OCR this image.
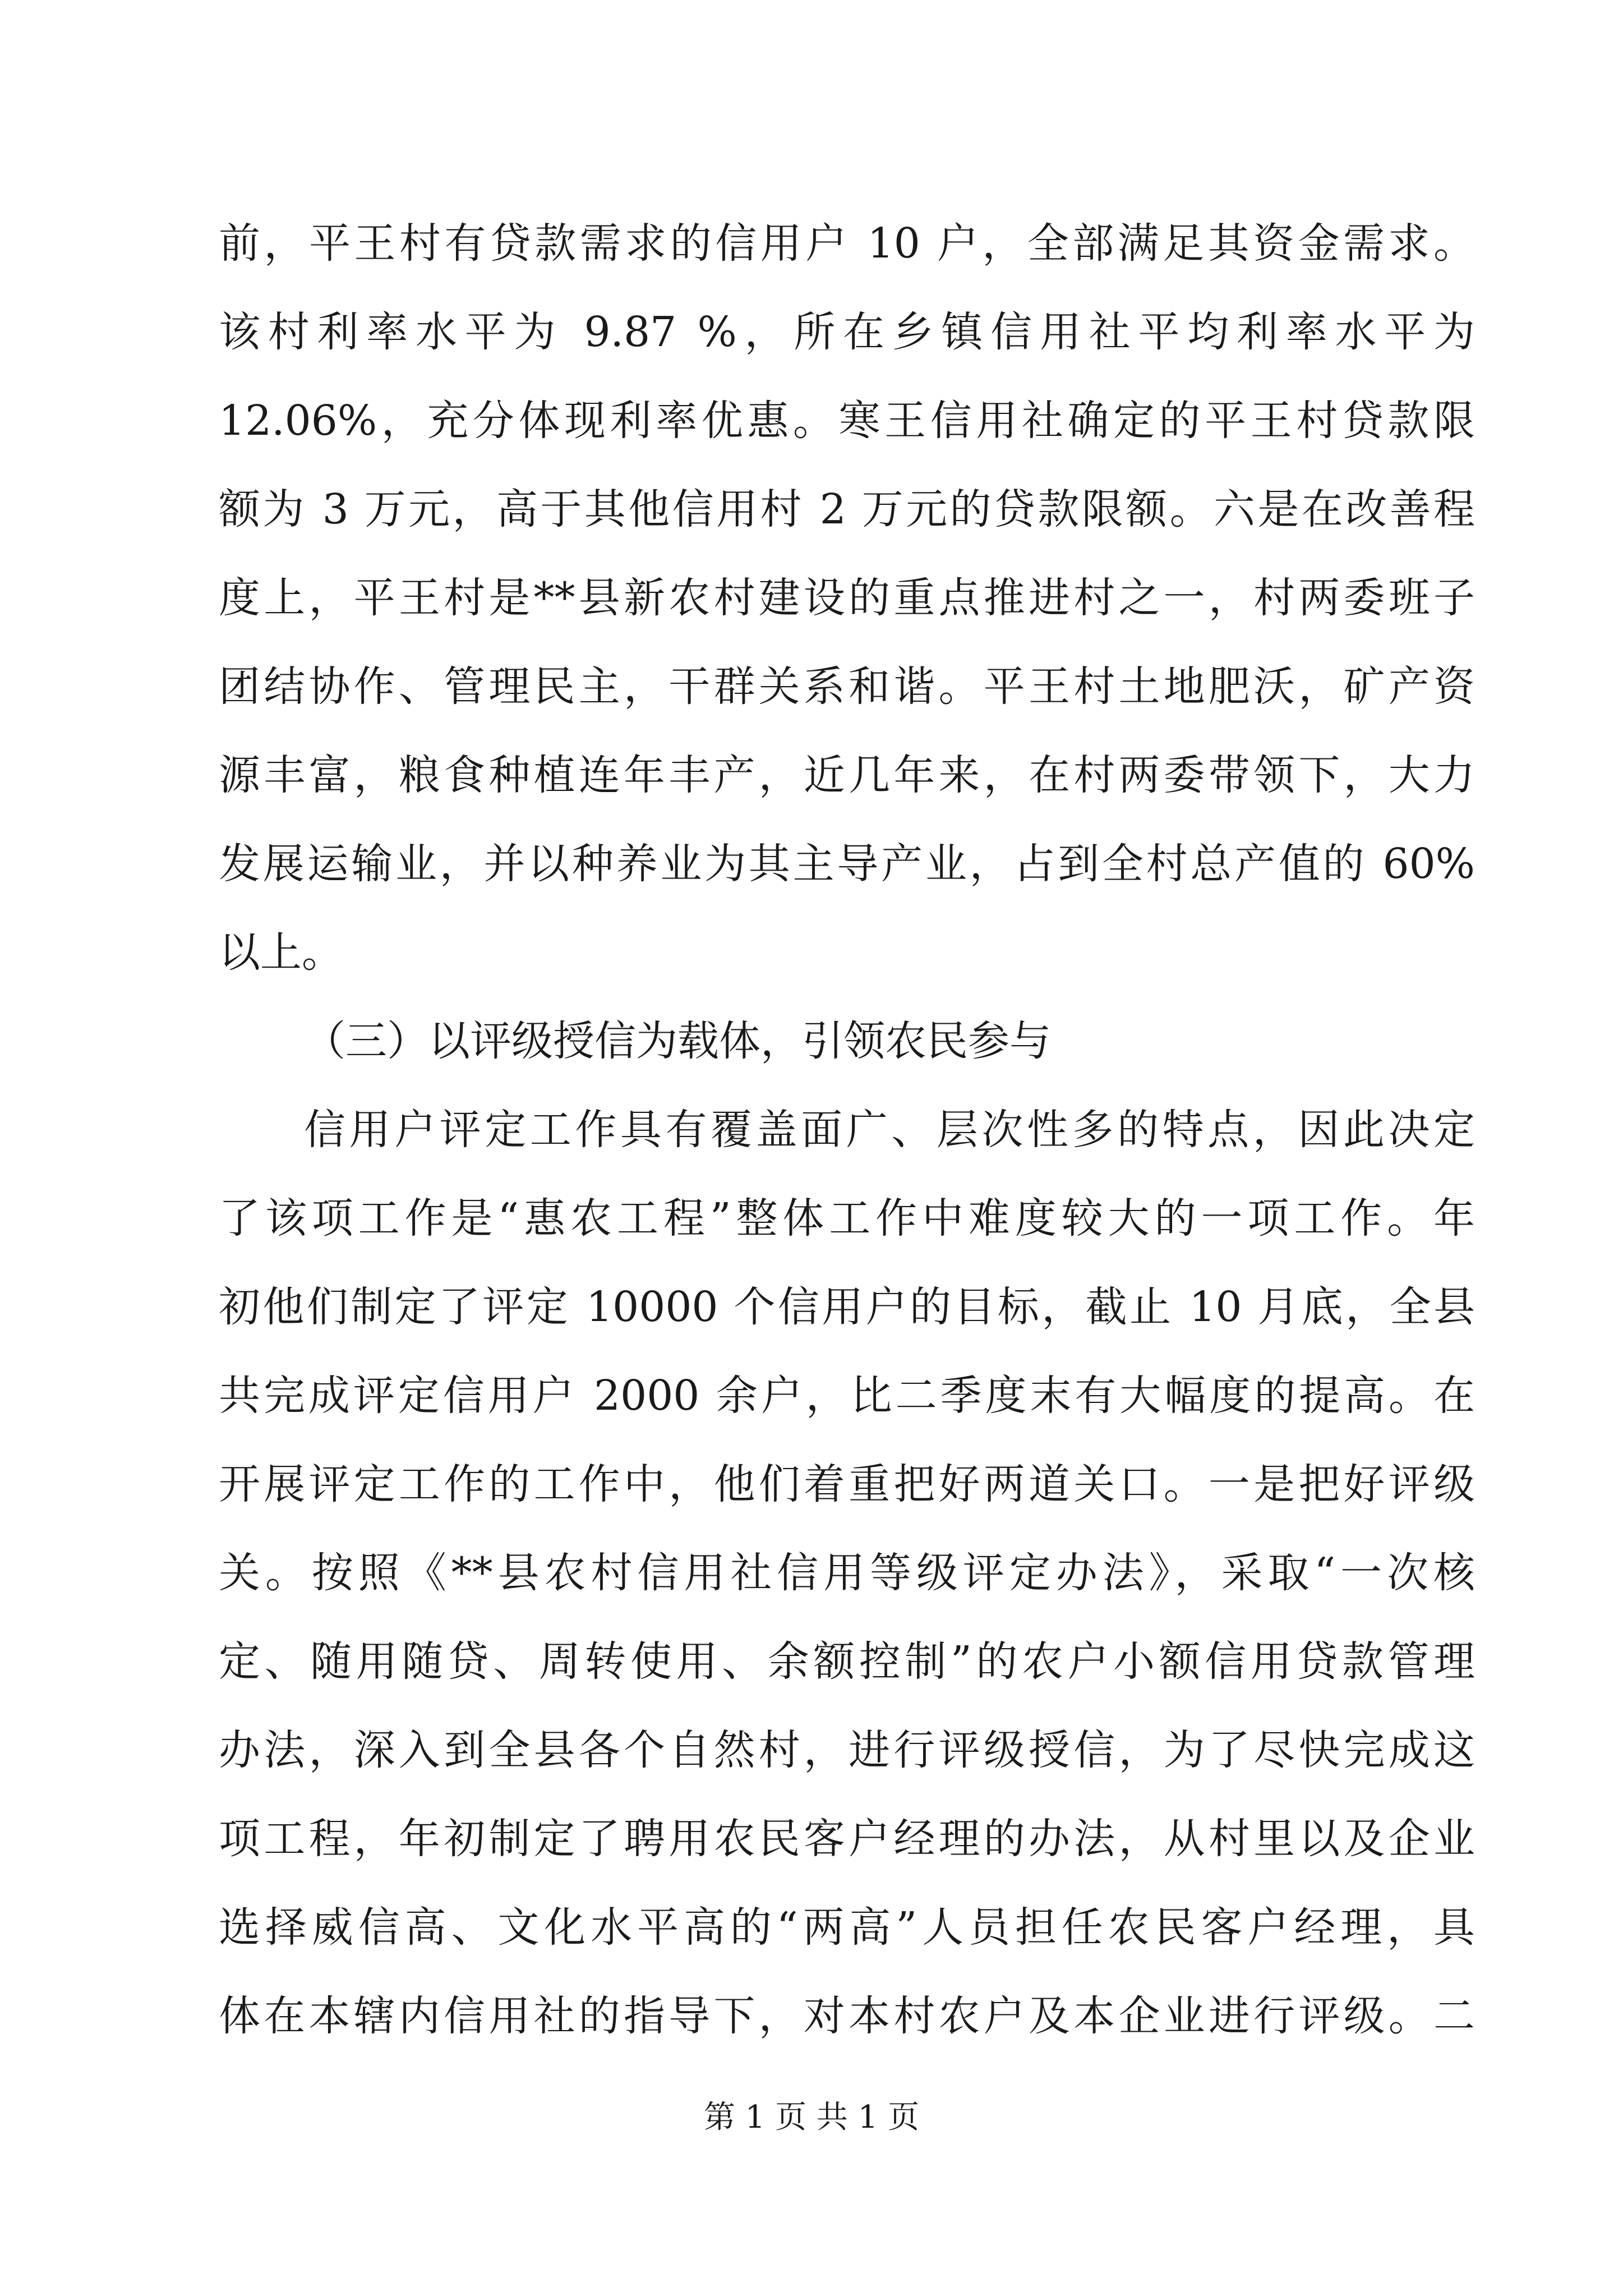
前，平王村有贷款需求的信用户 10 户，全部满足其资金需求。
该村利率水平为 9.87 %，所在乡镇信用社平均利率水平为
12.06%，充分体现利率优惠。寒王信用社确定的平王村贷款限
额为 3 万元，高于其他信用村 2 万元的贷款限额。六是在改善程
度上，平王村是**县新农村建设的重点推进村之一，村两委班子
团结协作、管理民主，干群关系和谐。平王村土地肥沃，矿产资
源丰富，粮食种植连年丰产，近几年来，在村两委带领下，大力
发展运输业，并以种养业为其主导产业，占到全村总产值的 60%
以上。
（三）以评级授信为载体，引领农民参与
信用户评定工作具有覆盖面广、层次性多的特点，因此决定
了该项工作是“惠农工程”整体工作中难度较大的一项工作。年
初他们制定了评定 10000 个信用户的目标，截止 10 月底，全县
共完成评定信用户 2000 余户，比二季度末有大幅度的提高。在
开展评定工作的工作中，他们着重把好两道关口。一是把好评级
关。按照《**县农村信用社信用等级评定办法》，采取“一次核
定、随用随贷、周转使用、余额控制”的农户小额信用贷款管理
办法，深入到全县各个自然村，进行评级授信，为了尽快完成这
项工程，年初制定了聘用农民客户经理的办法，从村里以及企业
选择威信高、文化水平高的“两高”人员担任农民客户经理，具
体在本辖内信用社的指导下，对本村农户及本企业进行评级。二
第 1 页 共 1 页
